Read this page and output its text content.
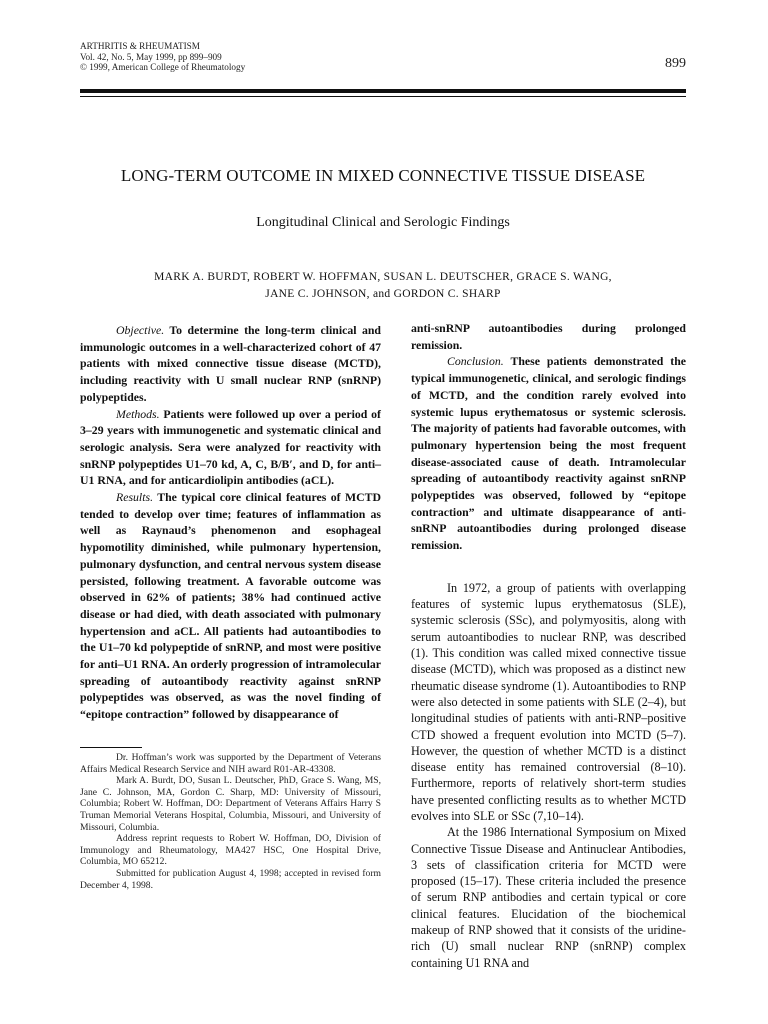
ARTHRITIS & RHEUMATISM
Vol. 42, No. 5, May 1999, pp 899–909
© 1999, American College of Rheumatology	899
LONG-TERM OUTCOME IN MIXED CONNECTIVE TISSUE DISEASE
Longitudinal Clinical and Serologic Findings
MARK A. BURDT, ROBERT W. HOFFMAN, SUSAN L. DEUTSCHER, GRACE S. WANG,
JANE C. JOHNSON, and GORDON C. SHARP

Objective. To determine the long-term clinical and immunologic outcomes in a well-characterized cohort of 47 patients with mixed connective tissue disease (MCTD), including reactivity with U small nuclear RNP (snRNP) polypeptides.

Methods. Patients were followed up over a period of 3–29 years with immunogenetic and systematic clinical and serologic analysis. Sera were analyzed for reactivity with snRNP polypeptides U1–70 kd, A, C, B/B′, and D, for anti–U1 RNA, and for anticardiolipin antibodies (aCL).

Results. The typical core clinical features of MCTD tended to develop over time; features of inflammation as well as Raynaud’s phenomenon and esophageal hypomotility diminished, while pulmonary hypertension, pulmonary dysfunction, and central nervous system disease persisted, following treatment. A favorable outcome was observed in 62% of patients; 38% had continued active disease or had died, with death associated with pulmonary hypertension and aCL. All patients had autoantibodies to the U1–70 kd polypeptide of snRNP, and most were positive for anti–U1 RNA. An orderly progression of intramolecular spreading of autoantibody reactivity against snRNP polypeptides was observed, as was the novel finding of “epitope contraction” followed by disappearance of

Dr. Hoffman’s work was supported by the Department of Veterans Affairs Medical Research Service and NIH award R01-AR-43308.

Mark A. Burdt, DO, Susan L. Deutscher, PhD, Grace S. Wang, MS, Jane C. Johnson, MA, Gordon C. Sharp, MD: University of Missouri, Columbia; Robert W. Hoffman, DO: Department of Veterans Affairs Harry S Truman Memorial Veterans Hospital, Columbia, Missouri, and University of Missouri, Columbia.

Address reprint requests to Robert W. Hoffman, DO, Division of Immunology and Rheumatology, MA427 HSC, One Hospital Drive, Columbia, MO 65212.

Submitted for publication August 4, 1998; accepted in revised form December 4, 1998.

anti-snRNP autoantibodies during prolonged remission.

Conclusion. These patients demonstrated the typical immunogenetic, clinical, and serologic findings of MCTD, and the condition rarely evolved into systemic lupus erythematosus or systemic sclerosis. The majority of patients had favorable outcomes, with pulmonary hypertension being the most frequent disease-associated cause of death. Intramolecular spreading of autoantibody reactivity against snRNP polypeptides was observed, followed by “epitope contraction” and ultimate disappearance of anti-snRNP autoantibodies during prolonged disease remission.

In 1972, a group of patients with overlapping features of systemic lupus erythematosus (SLE), systemic sclerosis (SSc), and polymyositis, along with serum autoantibodies to nuclear RNP, was described (1). This condition was called mixed connective tissue disease (MCTD), which was proposed as a distinct new rheumatic disease syndrome (1). Autoantibodies to RNP were also detected in some patients with SLE (2–4), but longitudinal studies of patients with anti-RNP–positive CTD showed a frequent evolution into MCTD (5–7). However, the question of whether MCTD is a distinct disease entity has remained controversial (8–10). Furthermore, reports of relatively short-term studies have presented conflicting results as to whether MCTD evolves into SLE or SSc (7,10–14).

At the 1986 International Symposium on Mixed Connective Tissue Disease and Antinuclear Antibodies, 3 sets of classification criteria for MCTD were proposed (15–17). These criteria included the presence of serum RNP antibodies and certain typical or core clinical features. Elucidation of the biochemical makeup of RNP showed that it consists of the uridine-rich (U) small nuclear RNP (snRNP) complex containing U1 RNA and
